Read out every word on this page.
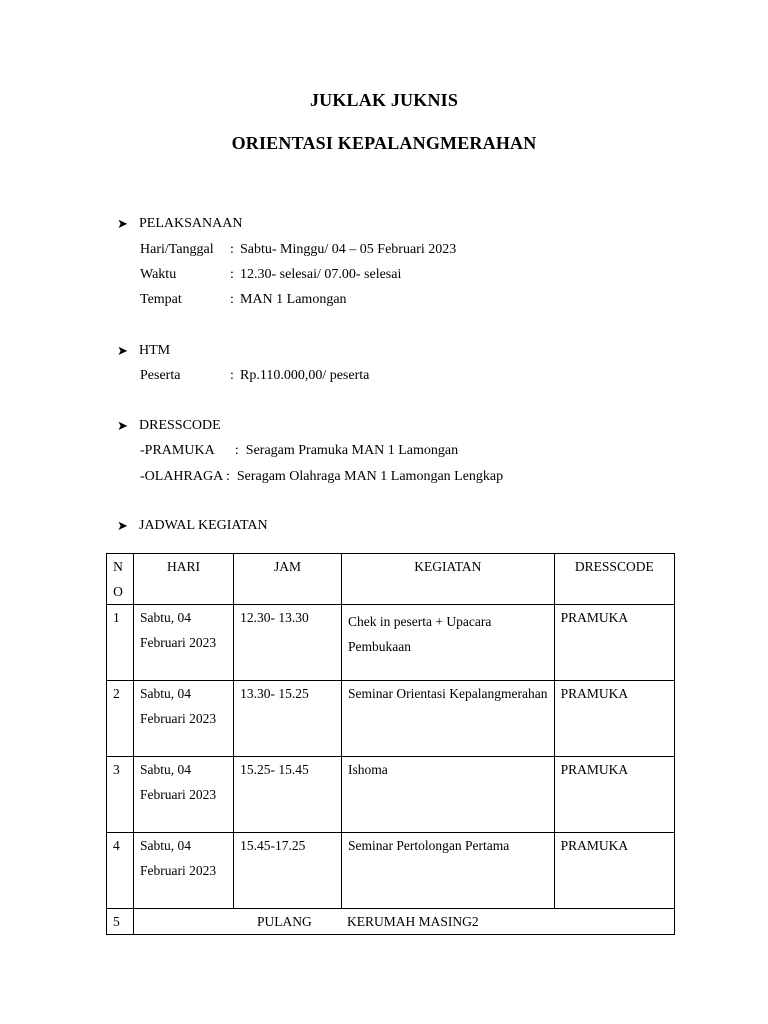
JUKLAK JUKNIS
ORIENTASI KEPALANGMERAHAN
➤ PELAKSANAAN
Hari/Tanggal : Sabtu- Minggu/ 04 – 05 Februari 2023
Waktu	: 12.30- selesai/ 07.00- selesai
Tempat	: MAN 1 Lamongan
➤ HTM
Peserta	: Rp.110.000,00/ peserta
➤ DRESSCODE
-PRAMUKA      :  Seragam Pramuka MAN 1 Lamongan
-OLAHRAGA :  Seragam Olahraga MAN 1 Lamongan Lengkap
➤ JADWAL KEGIATAN
N O	HARI	JAM	KEGIATAN	DRESSCODE
1	Sabtu, 04 Februari 2023	12.30- 13.30	Chek in peserta + Upacara Pembukaan	PRAMUKA
2	Sabtu, 04 Februari 2023	13.30- 15.25	Seminar Orientasi Kepalangmerahan	PRAMUKA
3	Sabtu, 04 Februari 2023	15.25- 15.45	Ishoma	PRAMUKA
4	Sabtu, 04 Februari 2023	15.45-17.25	Seminar Pertolongan Pertama	PRAMUKA
5	PULANG KERUMAH MASING2			
